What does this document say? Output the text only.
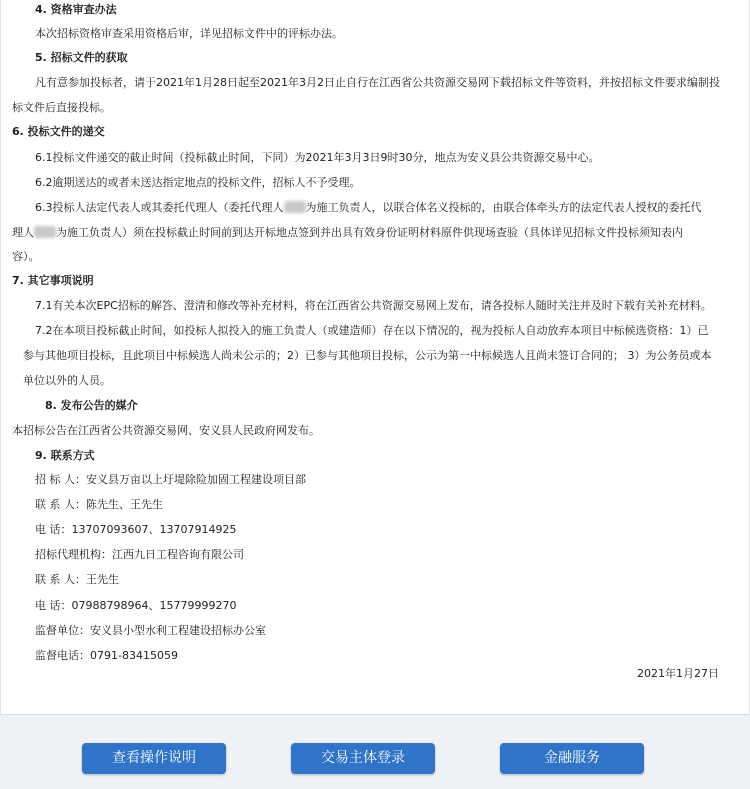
4. 资格审查办法
本次招标资格审查采用资格后审，详见招标文件中的评标办法。
5. 招标文件的获取
凡有意参加投标者，请于2021年1月28日起至2021年3月2日止自行在江西省公共资源交易网下载招标文件等资料，并按招标文件要求编制投
标文件后直接投标。
6. 投标文件的递交
6.1投标文件递交的截止时间（投标截止时间，下同）为2021年3月3日9时30分，地点为安义县公共资源交易中心。
6.2逾期送达的或者未送达指定地点的投标文件，招标人不予受理。
6.3投标人法定代表人或其委托代理人（委托代理人 为施工负责人，以联合体名义投标的，由联合体牵头方的法定代表人授权的委托代
理人 为施工负责人）须在投标截止时间前到达开标地点签到并出具有效身份证明材料原件供现场查验（具体详见招标文件投标须知表内
容）。
7. 其它事项说明
7.1有关本次EPC招标的解答、澄清和修改等补充材料，将在江西省公共资源交易网上发布，请各投标人随时关注并及时下载有关补充材料。
7.2在本项目投标截止时间，如投标人拟投入的施工负责人（或建造师）存在以下情况的，视为投标人自动放弃本项目中标候选资格：1）已
参与其他项目投标，且此项目中标候选人尚未公示的；2）已参与其他项目投标，公示为第一中标候选人且尚未签订合同的； 3）为公务员或本
单位以外的人员。
8. 发布公告的媒介
本招标公告在江西省公共资源交易网、安义县人民政府网发布。
9. 联系方式
招 标 人：安义县万亩以上圩堤除险加固工程建设项目部
联 系 人：陈先生、王先生
电 话：13707093607、13707914925
招标代理机构：江西九日工程咨询有限公司
联 系 人：王先生
电 话：07988798964、15779999270
监督单位：安义县小型水利工程建设招标办公室
监督电话：0791-83415059
2021年1月27日
查看操作说明	交易主体登录	金融服务
